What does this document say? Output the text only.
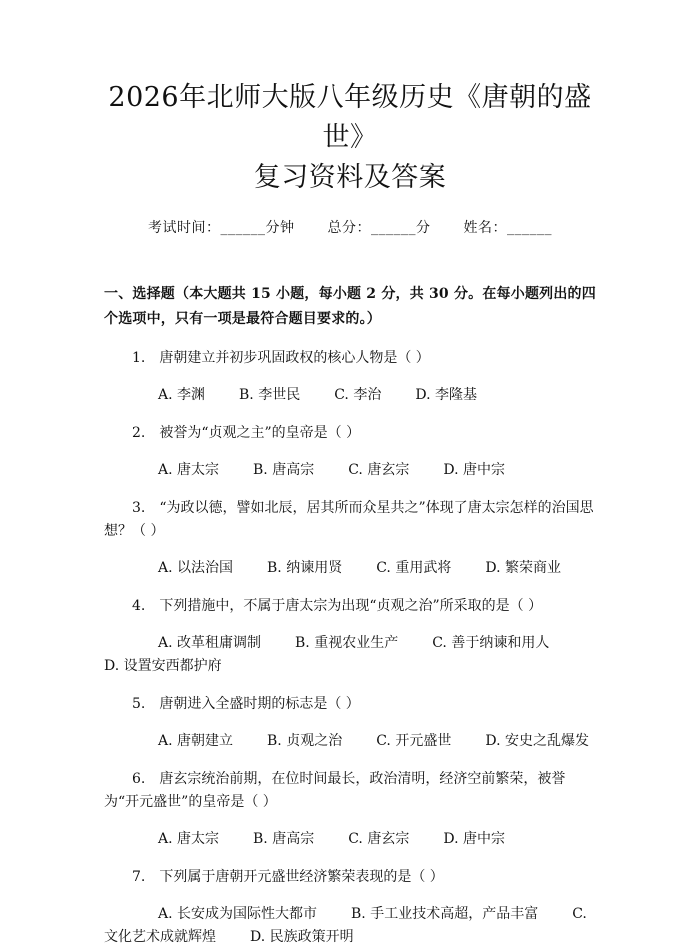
2026年北师大版八年级历史《唐朝的盛世》
复习资料及答案
考试时间：______分钟 总分：______分 姓名：______
一、选择题（本大题共 15 小题，每小题 2 分，共 30 分。在每小题列出的四个选项中，只有一项是最符合题目要求的。）
1. 唐朝建立并初步巩固政权的核心人物是（ ）
A. 李渊 B. 李世民 C. 李治 D. 李隆基
2. 被誉为“贞观之主”的皇帝是（ ）
A. 唐太宗 B. 唐高宗 C. 唐玄宗 D. 唐中宗
3. “为政以德，譬如北辰，居其所而众星共之”体现了唐太宗怎样的治国思想？（ ）
A. 以法治国 B. 纳谏用贤 C. 重用武将 D. 繁荣商业
4. 下列措施中，不属于唐太宗为出现“贞观之治”所采取的是（ ）
A. 改革租庸调制 B. 重视农业生产 C. 善于纳谏和用人D. 设置安西都护府
5. 唐朝进入全盛时期的标志是（ ）
A. 唐朝建立 B. 贞观之治 C. 开元盛世 D. 安史之乱爆发
6. 唐玄宗统治前期，在位时间最长，政治清明，经济空前繁荣，被誉为“开元盛世”的皇帝是（ ）
A. 唐太宗 B. 唐高宗 C. 唐玄宗 D. 唐中宗
7. 下列属于唐朝开元盛世经济繁荣表现的是（ ）
A. 长安成为国际性大都市 B. 手工业技术高超，产品丰富 C. 文化艺术成就辉煌 D. 民族政策开明
